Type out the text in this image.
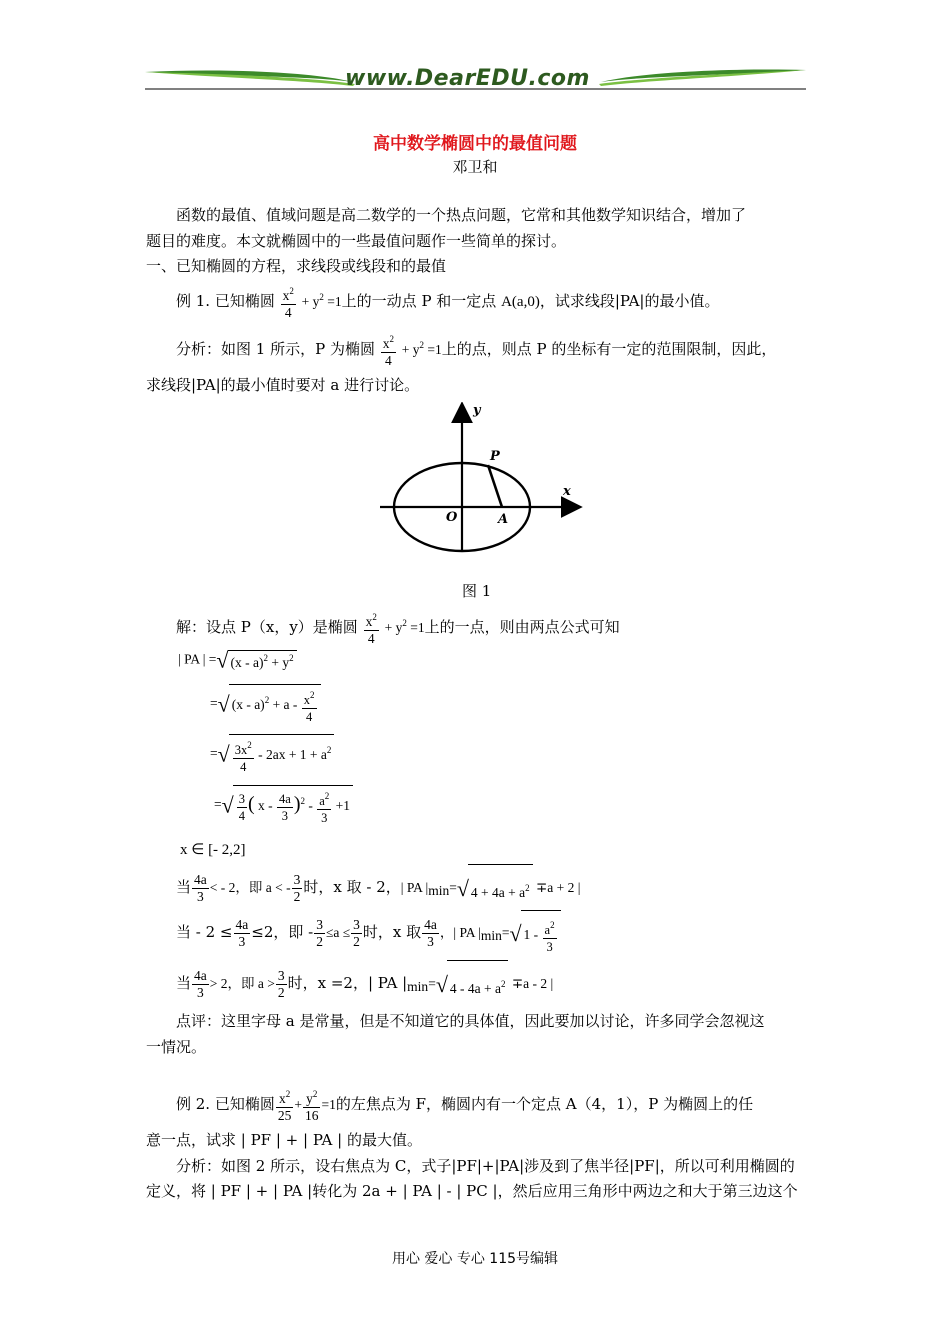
www.DearEDU.com
高中数学椭圆中的最值问题
邓卫和
函数的最值、值域问题是高二数学的一个热点问题，它常和其他数学知识结合，增加了
题目的难度。本文就椭圆中的一些最值问题作一些简单的探讨。
一、已知椭圆的方程，求线段或线段和的最值
例 1. 已知椭圆 $\frac{x^2}{4} + y^2 =1$上的一动点 P 和一定点 A(a,0)，试求线段|PA|的最小值。
分析：如图 1 所示，P 为椭圆 $\frac{x^2}{4} + y^2 =1$上的点，则点 P 的坐标有一定的范围限制，因此，
求线段|PA|的最小值时要对 a 进行讨论。
y
x
O
P
A
图 1
解：设点 P（x，y）是椭圆 $\frac{x^2}{4} + y^2 =1$上的一点，则由两点公式可知
| PA | =√ $(x - a)^2 + y^2$
=√ $(x - a)^2 + a - \frac{x^2}{4}$
=√ $\frac{3x^2}{4} - 2ax + 1 + a^2$
=√ $\frac{3}{4}$ ( $x - \frac{4a}{3} )^2 - \frac{a^2}{3} +1$
x ∈ [- 2,2]
当 $\frac{4a}{3}$ < - 2，即 a < - $\frac{3}{2}$ 时，x 取 - 2，| PA $|_{min}=√$ $4 + 4a + a^2 \mp a + 2$ |
当 - $2 \le \frac{4a}{3} \le 2$，即 - $\frac{3}{2} \le a \le \frac{3}{2}$ 时，x 取 $\frac{4a}{3}$ ，| PA $|_{min}=√$ $1 - \frac{a^2}{3}$
当 $\frac{4a}{3} > 2$，即 $a > \frac{3}{2}$ 时，x =2，| PA $|_{min}=√$ $4 - 4a + a^2 \mp a - 2$ |
点评：这里字母 a 是常量，但是不知道它的具体值，因此要加以讨论，许多同学会忽视这
一情况。
例 2. 已知椭圆 $\frac{x^2}{25} + \frac{y^2}{16} =1$的左焦点为 F，椭圆内有一个定点 A（4，1），P 为椭圆上的任
意一点，试求 | PF | + | PA | 的最大值。
分析：如图 2 所示，设右焦点为 C，式子|PF|+|PA|涉及到了焦半径|PF|，所以可利用椭圆的
定义，将 | PF | + | PA |转化为 2a + | PA | - | PC |，然后应用三角形中两边之和大于第三边这个
用心 爱心 专心 115号编辑
